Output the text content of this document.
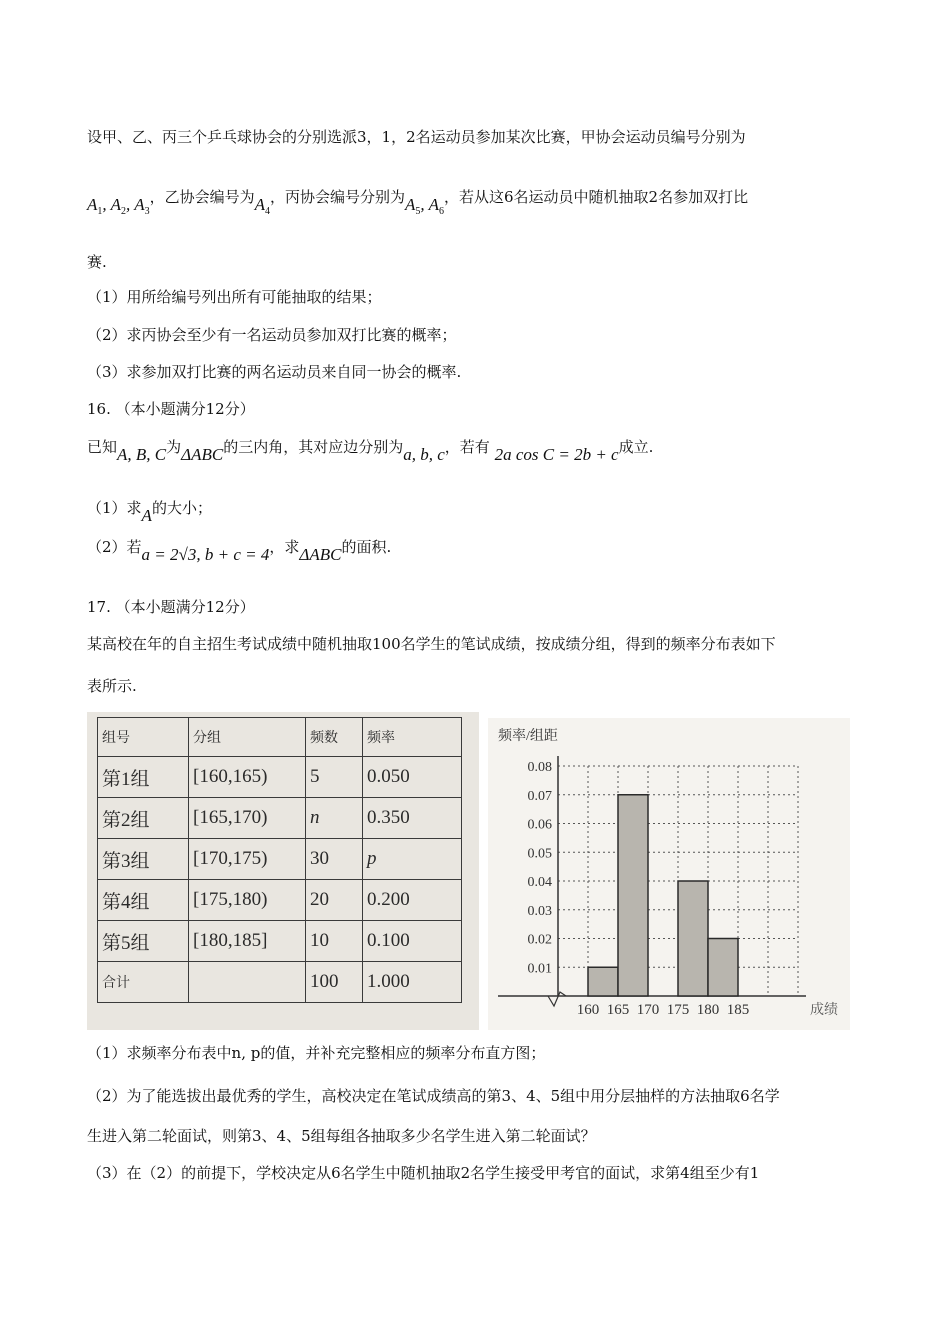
设甲、乙、丙三个乒乓球协会的分别选派3，1，2名运动员参加某次比赛，甲协会运动员编号分别为
$A_1$, $A_2$, $A_3$，乙协会编号为$A_4$，丙协会编号分别为$A_5$, $A_6$，若从这6名运动员中随机抽取2名参加双打比
赛.
（1）用所给编号列出所有可能抽取的结果；
（2）求丙协会至少有一名运动员参加双打比赛的概率；
（3）求参加双打比赛的两名运动员来自同一协会的概率.
16. （本小题满分12分）
已知A, B, C为ΔABC的三内角，其对应边分别为a, b, c，若有 2a cos C = 2b + c成立.
（1）求A的大小；
（2）若a = 2√3, b + c = 4，求ΔABC的面积.
17. （本小题满分12分）
某高校在年的自主招生考试成绩中随机抽取100名学生的笔试成绩，按成绩分组，得到的频率分布表如下
表所示.
组号	分组	频数	频率
第1组	[160,165)	5	0.050
第2组	[165,170)	n	0.350
第3组	[170,175)	30	p
第4组	[175,180)	20	0.200
第5组	[180,185]	10	0.100
合计		100	1.000
0.01
0.02
0.03
0.04
0.05
0.06
0.07
0.08
160 165 170 175 180 185
频率/组距
成绩
（1）求频率分布表中n, p的值，并补充完整相应的频率分布直方图；
（2）为了能选拔出最优秀的学生，高校决定在笔试成绩高的第3、4、5组中用分层抽样的方法抽取6名学
生进入第二轮面试，则第3、4、5组每组各抽取多少名学生进入第二轮面试？
（3）在（2）的前提下，学校决定从6名学生中随机抽取2名学生接受甲考官的面试，求第4组至少有1
